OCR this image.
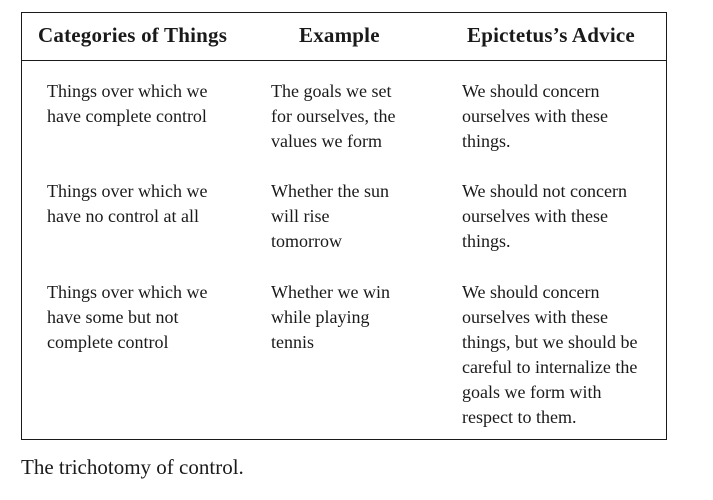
Categories of Things	Example	Epictetus’s Advice
Things over which we
have complete control
The goals we set
for ourselves, the
values we form
We should concern
ourselves with these
things.
Things over which we
have no control at all
Whether the sun
will rise
tomorrow
We should not concern
ourselves with these
things.
Things over which we
have some but not
complete control
Whether we win
while playing
tennis
We should concern
ourselves with these
things, but we should be
careful to internalize the
goals we form with
respect to them.
The trichotomy of control.
